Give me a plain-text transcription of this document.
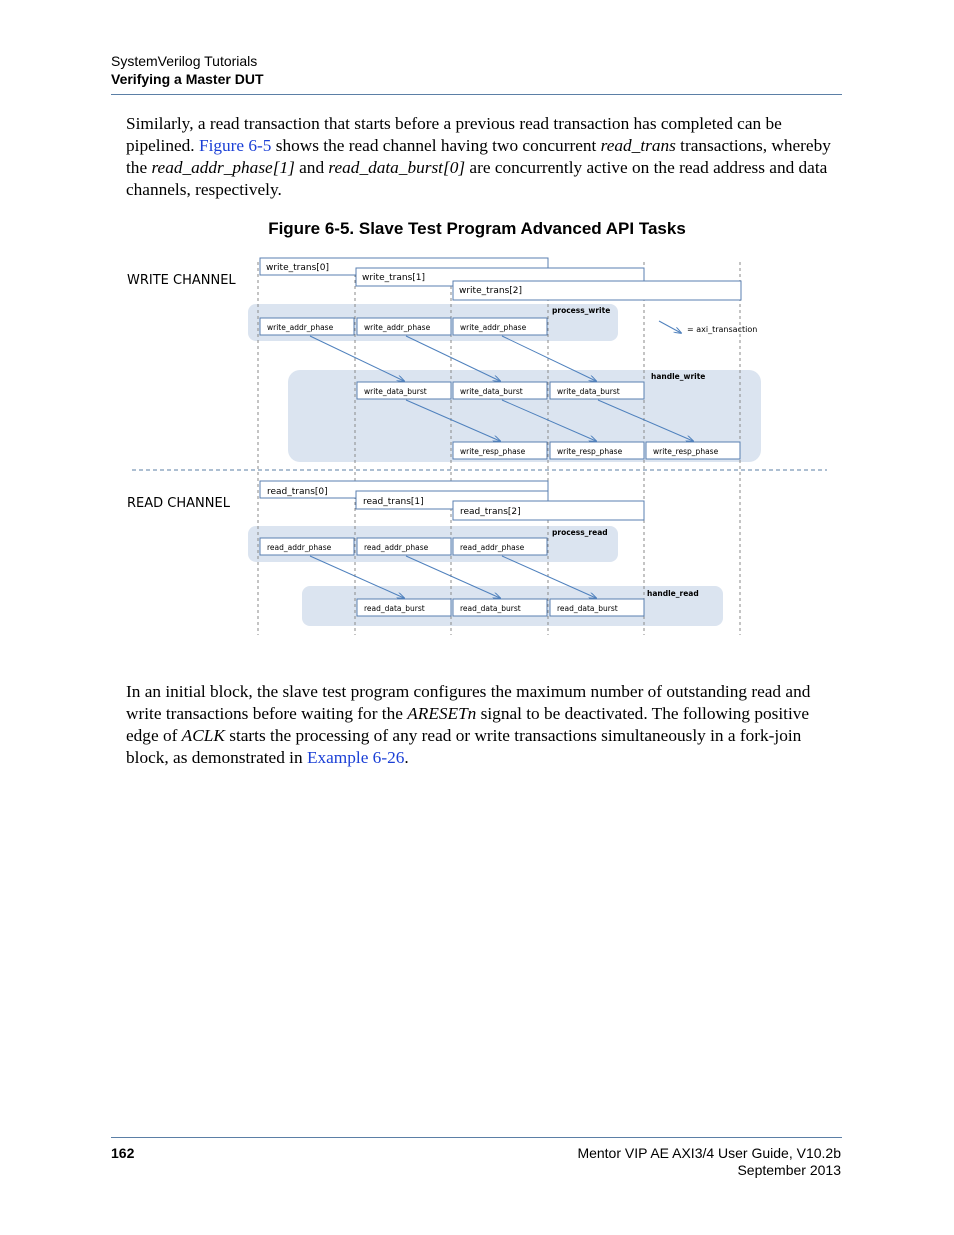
SystemVerilog Tutorials
Verifying a Master DUT
Similarly, a read transaction that starts before a previous read transaction has completed can be pipelined. Figure 6-5 shows the read channel having two concurrent read_trans transactions, whereby the read_addr_phase[1] and read_data_burst[0] are concurrently active on the read address and data channels, respectively.
Figure 6-5. Slave Test Program Advanced API Tasks
WRITE CHANNEL
READ CHANNEL
process_write
handle_write
process_read
handle_read
= axi_transaction
write_trans[0]
write_trans[1]
write_trans[2]
write_addr_phase	write_addr_phase	write_addr_phase
write_data_burst	write_data_burst	write_data_burst
write_resp_phase	write_resp_phase	write_resp_phase
read_trans[0]
read_trans[1]
read_trans[2]
read_addr_phase	read_addr_phase	read_addr_phase
read_data_burst	read_data_burst	read_data_burst
In an initial block, the slave test program configures the maximum number of outstanding read and write transactions before waiting for the ARESETn signal to be deactivated. The following positive edge of ACLK starts the processing of any read or write transactions simultaneously in a fork-join block, as demonstrated in Example 6-26.
162	Mentor VIP AE AXI3/4 User Guide, V10.2b
September 2013
